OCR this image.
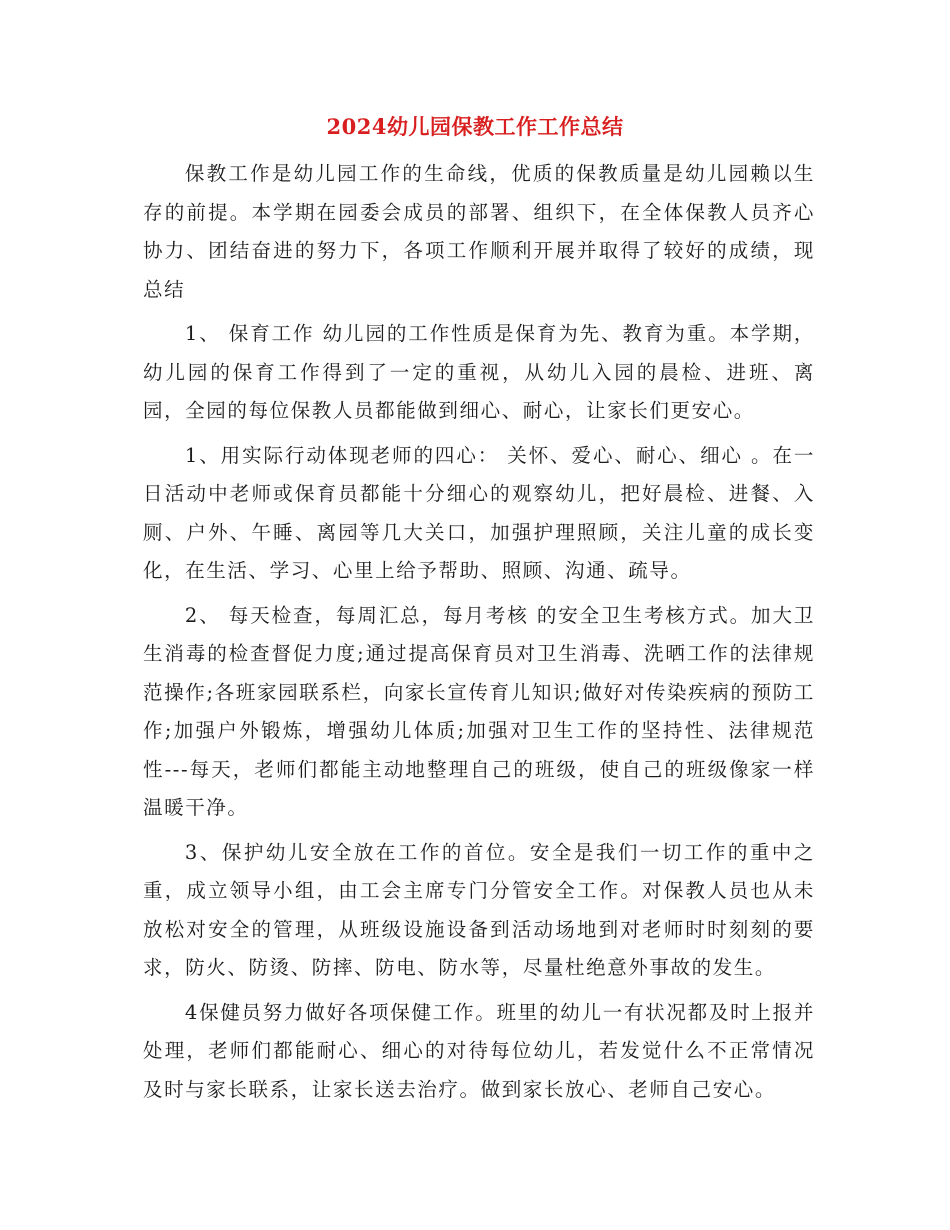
2024幼儿园保教工作工作总结

保教工作是幼儿园工作的生命线，优质的保教质量是幼儿园赖以生存的前提。本学期在园委会成员的部署、组织下，在全体保教人员齐心协力、团结奋进的努力下，各项工作顺利开展并取得了较好的成绩，现总结

1、 保育工作 幼儿园的工作性质是保育为先、教育为重。本学期，幼儿园的保育工作得到了一定的重视，从幼儿入园的晨检、进班、离园，全园的每位保教人员都能做到细心、耐心，让家长们更安心。

1、用实际行动体现老师的四心： 关怀、爱心、耐心、细心 。在一日活动中老师或保育员都能十分细心的观察幼儿，把好晨检、进餐、入厕、户外、午睡、离园等几大关口，加强护理照顾，关注儿童的成长变化，在生活、学习、心里上给予帮助、照顾、沟通、疏导。

2、 每天检查，每周汇总，每月考核 的安全卫生考核方式。加大卫生消毒的检查督促力度;通过提高保育员对卫生消毒、洗晒工作的法律规范操作;各班家园联系栏，向家长宣传育儿知识;做好对传染疾病的预防工作;加强户外锻炼，增强幼儿体质;加强对卫生工作的坚持性、法律规范性---每天，老师们都能主动地整理自己的班级，使自己的班级像家一样温暖干净。

3、保护幼儿安全放在工作的首位。安全是我们一切工作的重中之重，成立领导小组，由工会主席专门分管安全工作。对保教人员也从未放松对安全的管理，从班级设施设备到活动场地到对老师时时刻刻的要求，防火、防烫、防摔、防电、防水等，尽量杜绝意外事故的发生。

4保健员努力做好各项保健工作。班里的幼儿一有状况都及时上报并处理，老师们都能耐心、细心的对待每位幼儿，若发觉什么不正常情况及时与家长联系，让家长送去治疗。做到家长放心、老师自己安心。
